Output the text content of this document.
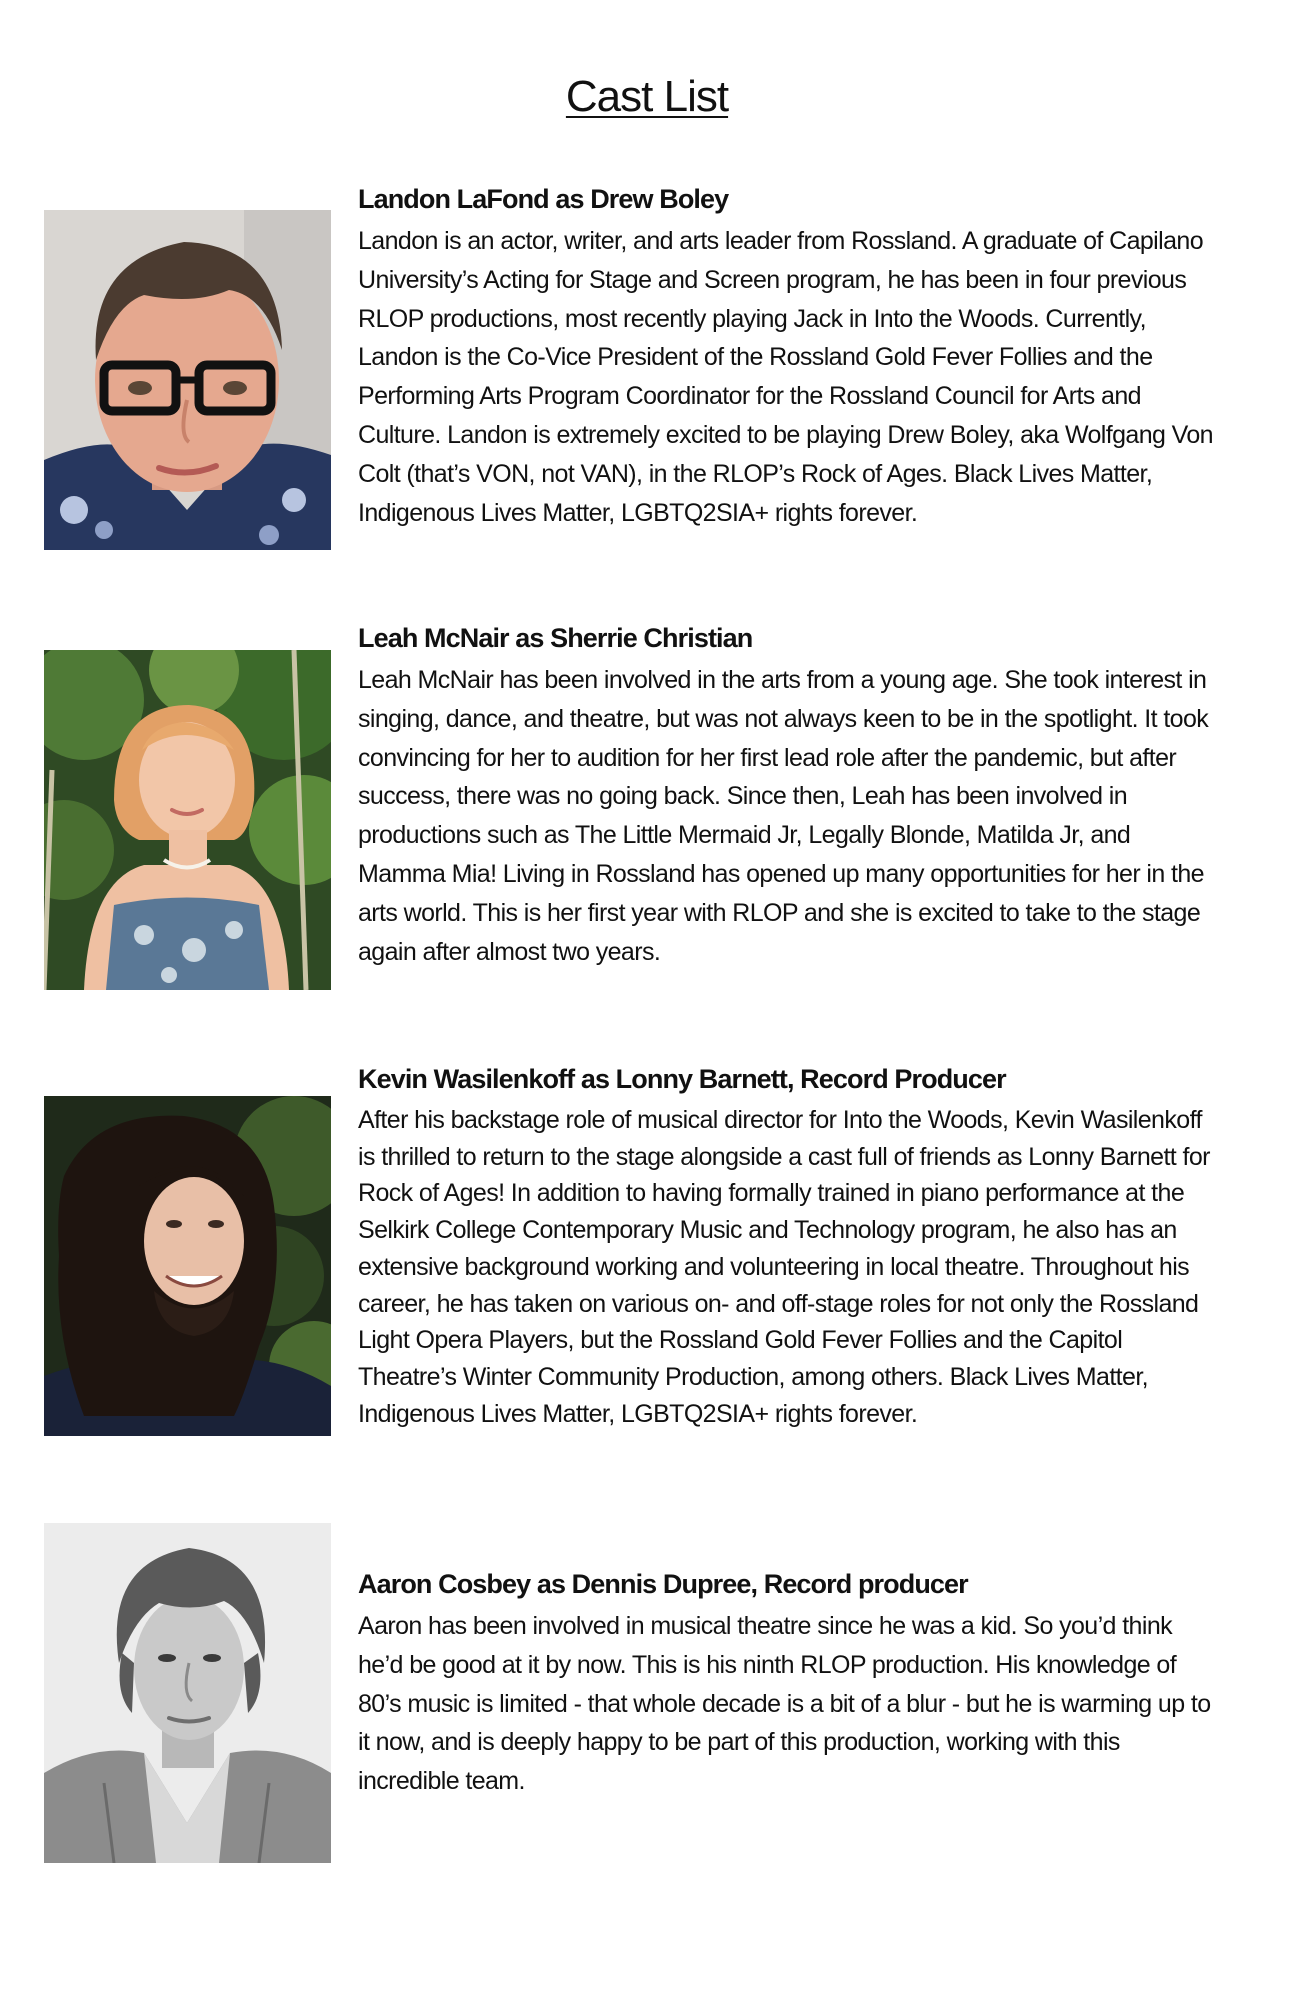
Cast List
Landon LaFond as Drew Boley

Landon is an actor, writer, and arts leader from Rossland. A graduate of Capilano University’s Acting for Stage and Screen program, he has been in four previous RLOP productions, most recently playing Jack in Into the Woods. Currently, Landon is the Co-Vice President of the Rossland Gold Fever Follies and the Performing Arts Program Coordinator for the Rossland Council for Arts and Culture. Landon is extremely excited to be playing Drew Boley, aka Wolfgang Von Colt (that’s VON, not VAN), in the RLOP’s Rock of Ages. Black Lives Matter, Indigenous Lives Matter, LGBTQ2SIA+ rights forever.

Leah McNair as Sherrie Christian

Leah McNair has been involved in the arts from a young age. She took interest in singing, dance, and theatre, but was not always keen to be in the spotlight. It took convincing for her to audition for her first lead role after the pandemic, but after success, there was no going back. Since then, Leah has been involved in productions such as The Little Mermaid Jr, Legally Blonde, Matilda Jr, and Mamma Mia! Living in Rossland has opened up many opportunities for her in the arts world. This is her first year with RLOP and she is excited to take to the stage again after almost two years.

Kevin Wasilenkoff as Lonny Barnett, Record Producer

After his backstage role of musical director for Into the Woods, Kevin Wasilenkoff is thrilled to return to the stage alongside a cast full of friends as Lonny Barnett for Rock of Ages! In addition to having formally trained in piano performance at the Selkirk College Contemporary Music and Technology program, he also has an extensive background working and volunteering in local theatre. Throughout his career, he has taken on various on- and off-stage roles for not only the Rossland Light Opera Players, but the Rossland Gold Fever Follies and the Capitol Theatre’s Winter Community Production, among others. Black Lives Matter, Indigenous Lives Matter, LGBTQ2SIA+ rights forever.

Aaron Cosbey as Dennis Dupree, Record producer

Aaron has been involved in musical theatre since he was a kid. So you’d think he’d be good at it by now. This is his ninth RLOP production. His knowledge of 80’s music is limited - that whole decade is a bit of a blur - but he is warming up to it now, and is deeply happy to be part of this production, working with this incredible team.
